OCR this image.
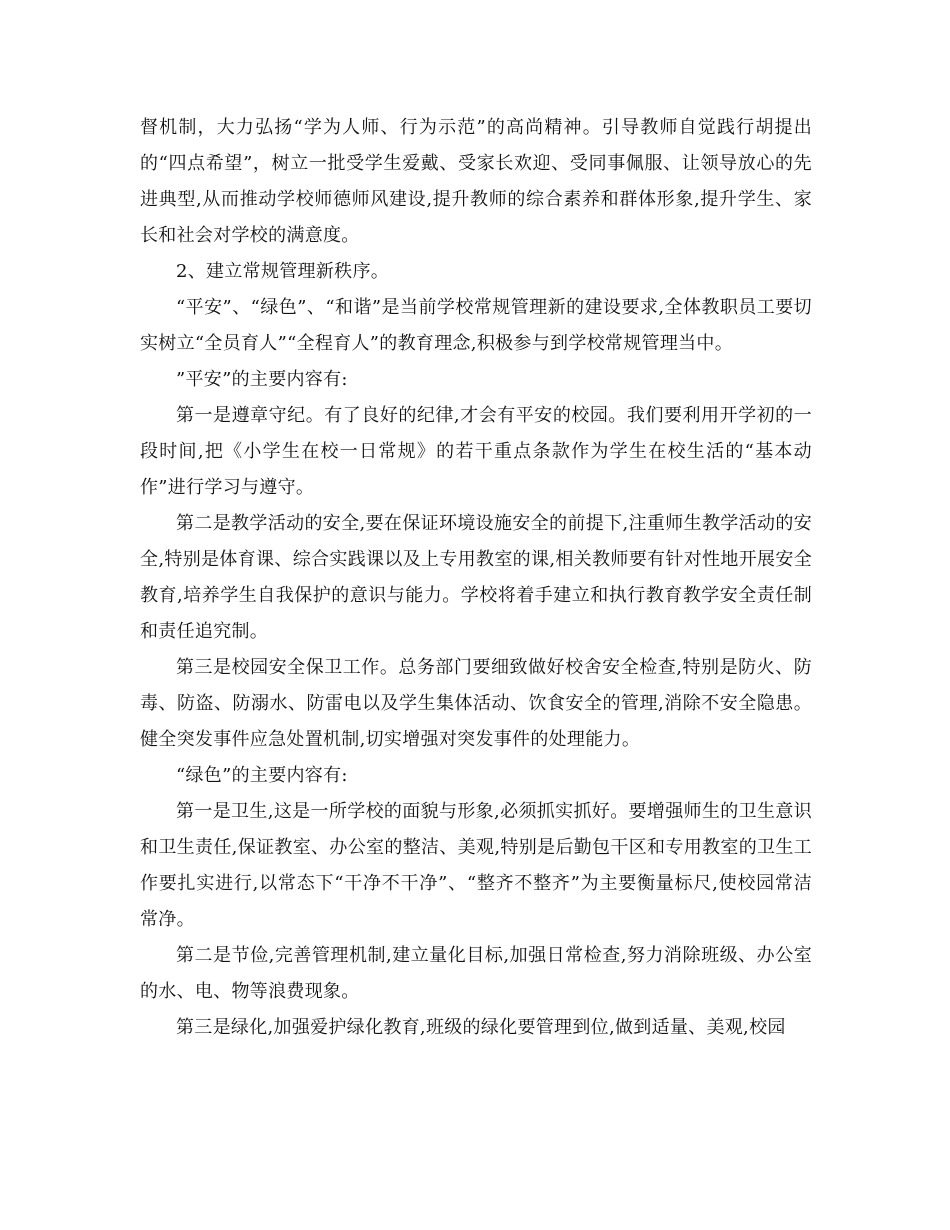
督机制，大力弘扬“学为人师、行为示范”的高尚精神。引导教师自觉践行胡提出的“四点希望”，树立一批受学生爱戴、受家长欢迎、受同事佩服、让领导放心的先进典型,从而推动学校师德师风建设,提升教师的综合素养和群体形象,提升学生、家长和社会对学校的满意度。

2、建立常规管理新秩序。

“平安”、“绿色”、“和谐”是当前学校常规管理新的建设要求,全体教职员工要切实树立“全员育人”“全程育人”的教育理念,积极参与到学校常规管理当中。

”平安”的主要内容有:

第一是遵章守纪。有了良好的纪律,才会有平安的校园。我们要利用开学初的一段时间,把《小学生在校一日常规》的若干重点条款作为学生在校生活的“基本动作”进行学习与遵守。

第二是教学活动的安全,要在保证环境设施安全的前提下,注重师生教学活动的安全,特别是体育课、综合实践课以及上专用教室的课,相关教师要有针对性地开展安全教育,培养学生自我保护的意识与能力。学校将着手建立和执行教育教学安全责任制和责任追究制。

第三是校园安全保卫工作。总务部门要细致做好校舍安全检查,特别是防火、防毒、防盗、防溺水、防雷电以及学生集体活动、饮食安全的管理,消除不安全隐患。健全突发事件应急处置机制,切实增强对突发事件的处理能力。

“绿色”的主要内容有:

第一是卫生,这是一所学校的面貌与形象,必须抓实抓好。要增强师生的卫生意识和卫生责任,保证教室、办公室的整洁、美观,特别是后勤包干区和专用教室的卫生工作要扎实进行,以常态下“干净不干净”、“整齐不整齐”为主要衡量标尺,使校园常洁常净。

第二是节俭,完善管理机制,建立量化目标,加强日常检查,努力消除班级、办公室的水、电、物等浪费现象。

第三是绿化,加强爱护绿化教育,班级的绿化要管理到位,做到适量、美观,校园
